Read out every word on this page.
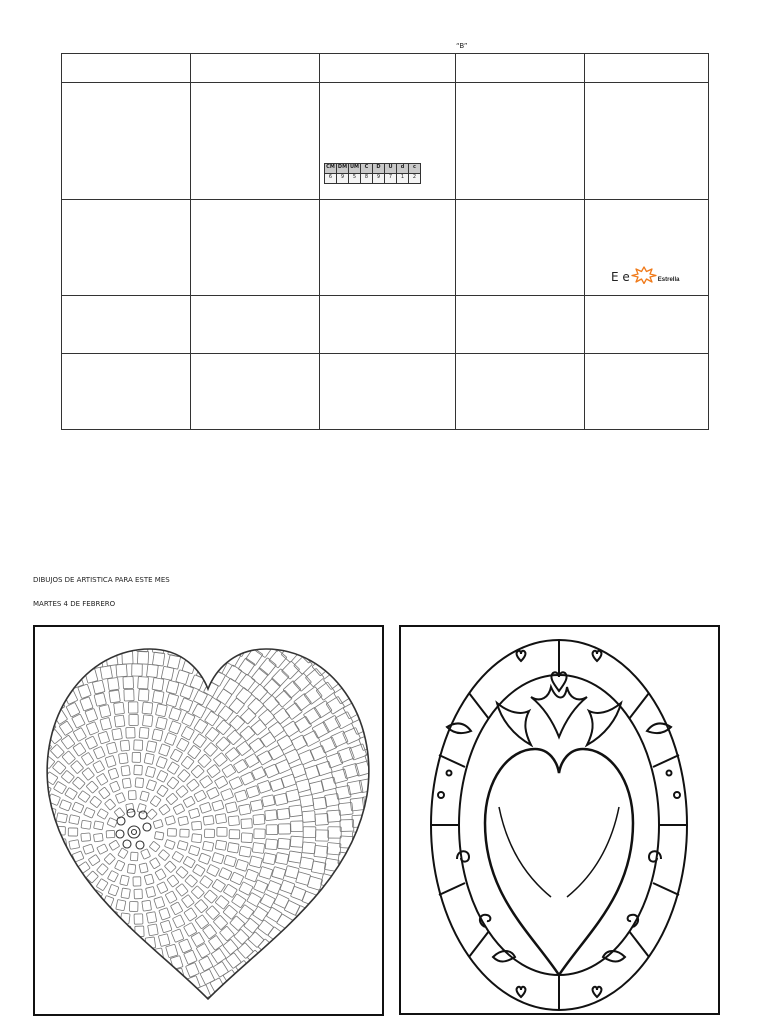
“B”

CM	DM	UM	C	D	U	d	c
6	9	5	8	9	7	1	2

E e	Estrella

DIBUJOS DE ARTISTICA PARA ESTE MES
MARTES 4 DE FEBRERO
